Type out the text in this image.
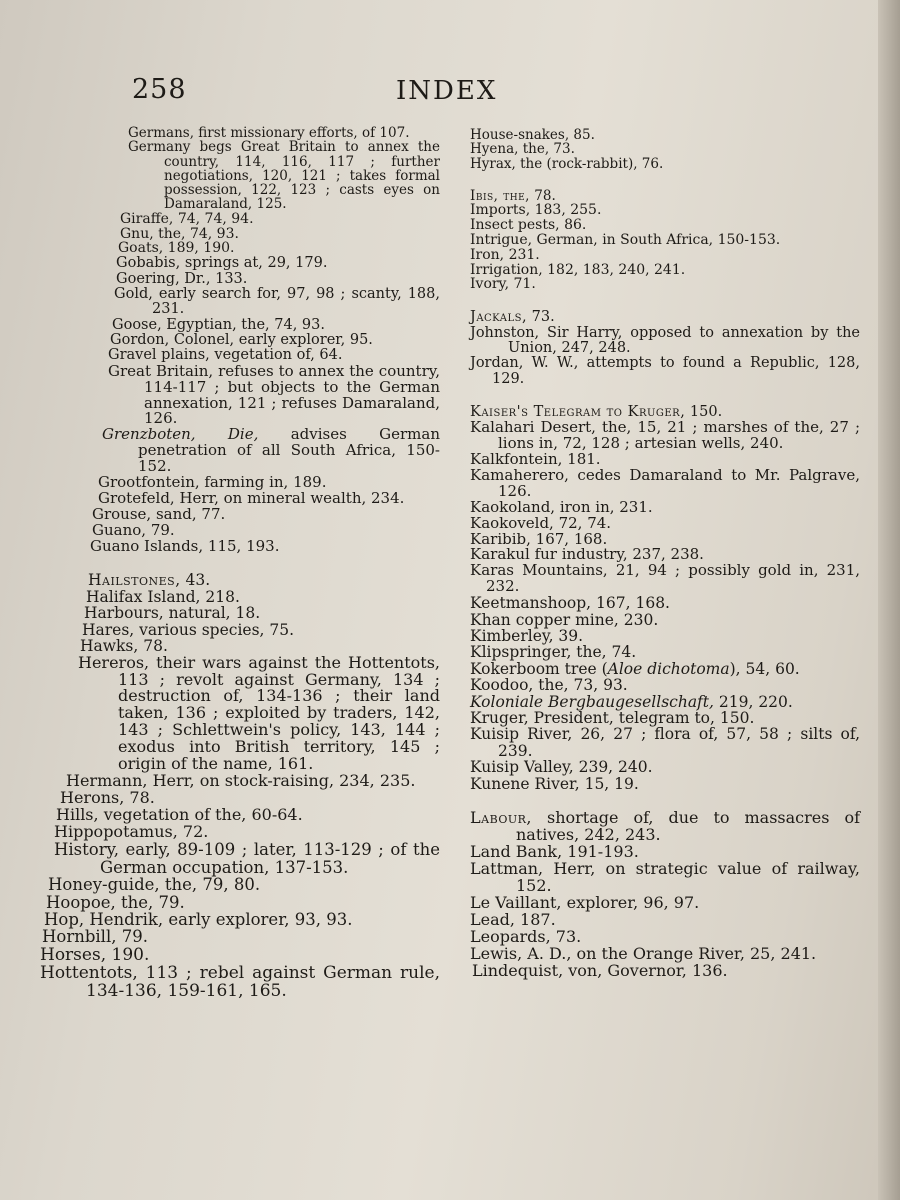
258	INDEX

Germans, first missionary efforts, of 107.

Germany begs Great Britain to annex the country, 114, 116, 117 ; further negotiations, 120, 121 ; takes formal possession, 122, 123 ; casts eyes on Damaraland, 125.

Giraffe, 74, 74, 94.

Gnu, the, 74, 93.

Goats, 189, 190.

Gobabis, springs at, 29, 179.

Goering, Dr., 133.

Gold, early search for, 97, 98 ; scanty, 188, 231.

Goose, Egyptian, the, 74, 93.

Gordon, Colonel, early explorer, 95.

Gravel plains, vegetation of, 64.

Great Britain, refuses to annex the country, 114-117 ; but objects to the German annexation, 121 ; refuses Damaraland, 126.

Grenzboten, Die, advises German penetration of all South Africa, 150-152.

Grootfontein, farming in, 189.

Grotefeld, Herr, on mineral wealth, 234.

Grouse, sand, 77.

Guano, 79.

Guano Islands, 115, 193.

Hailstones, 43.

Halifax Island, 218.

Harbours, natural, 18.

Hares, various species, 75.

Hawks, 78.

Hereros, their wars against the Hottentots, 113 ; revolt against Germany, 134 ; destruction of, 134-136 ; their land taken, 136 ; exploited by traders, 142, 143 ; Schlettwein's policy, 143, 144 ; exodus into British territory, 145 ; origin of the name, 161.

Hermann, Herr, on stock-raising, 234, 235.

Herons, 78.

Hills, vegetation of the, 60-64.

Hippopotamus, 72.

History, early, 89-109 ; later, 113-129 ; of the German occupation, 137-153.

Honey-guide, the, 79, 80.

Hoopoe, the, 79.

Hop, Hendrik, early explorer, 93, 93.

Hornbill, 79.

Horses, 190.

Hottentots, 113 ; rebel against German rule, 134-136, 159-161, 165.

House-snakes, 85.

Hyena, the, 73.

Hyrax, the (rock-rabbit), 76.

Ibis, the, 78.

Imports, 183, 255.

Insect pests, 86.

Intrigue, German, in South Africa, 150-153.

Iron, 231.

Irrigation, 182, 183, 240, 241.

Ivory, 71.

Jackals, 73.

Johnston, Sir Harry, opposed to annexation by the Union, 247, 248.

Jordan, W. W., attempts to found a Republic, 128, 129.

Kaiser's Telegram to Kruger, 150.

Kalahari Desert, the, 15, 21 ; marshes of the, 27 ; lions in, 72, 128 ; artesian wells, 240.

Kalkfontein, 181.

Kamaherero, cedes Damaraland to Mr. Palgrave, 126.

Kaokoland, iron in, 231.

Kaokoveld, 72, 74.

Karibib, 167, 168.

Karakul fur industry, 237, 238.

Karas Mountains, 21, 94 ; possibly gold in, 231, 232.

Keetmanshoop, 167, 168.

Khan copper mine, 230.

Kimberley, 39.

Klipspringer, the, 74.

Kokerboom tree (Aloe dichotoma), 54, 60.

Koodoo, the, 73, 93.

Koloniale Bergbaugesellschaft, 219, 220.

Kruger, President, telegram to, 150.

Kuisip River, 26, 27 ; flora of, 57, 58 ; silts of, 239.

Kuisip Valley, 239, 240.

Kunene River, 15, 19.

Labour, shortage of, due to massacres of natives, 242, 243.

Land Bank, 191-193.

Lattman, Herr, on strategic value of railway, 152.

Le Vaillant, explorer, 96, 97.

Lead, 187.

Leopards, 73.

Lewis, A. D., on the Orange River, 25, 241.

Lindequist, von, Governor, 136.
